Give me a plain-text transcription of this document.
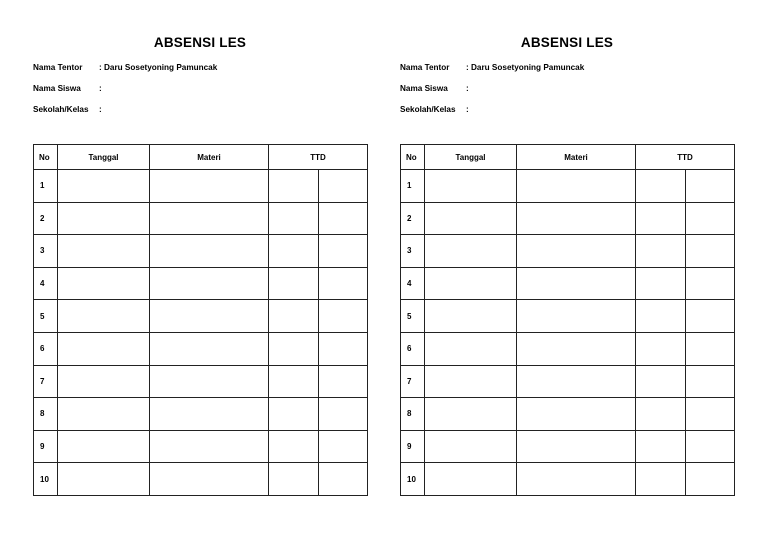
ABSENSI LES
Nama Tentor : Daru Sosetyoning Pamuncak
Nama Siswa :
Sekolah/Kelas :
No	Tanggal	Materi	TTD	
1				
2				
3				
4				
5				
6				
7				
8				
9				
10				
ABSENSI LES
Nama Tentor : Daru Sosetyoning Pamuncak
Nama Siswa :
Sekolah/Kelas :
No	Tanggal	Materi	TTD	
1				
2				
3				
4				
5				
6				
7				
8				
9				
10				
